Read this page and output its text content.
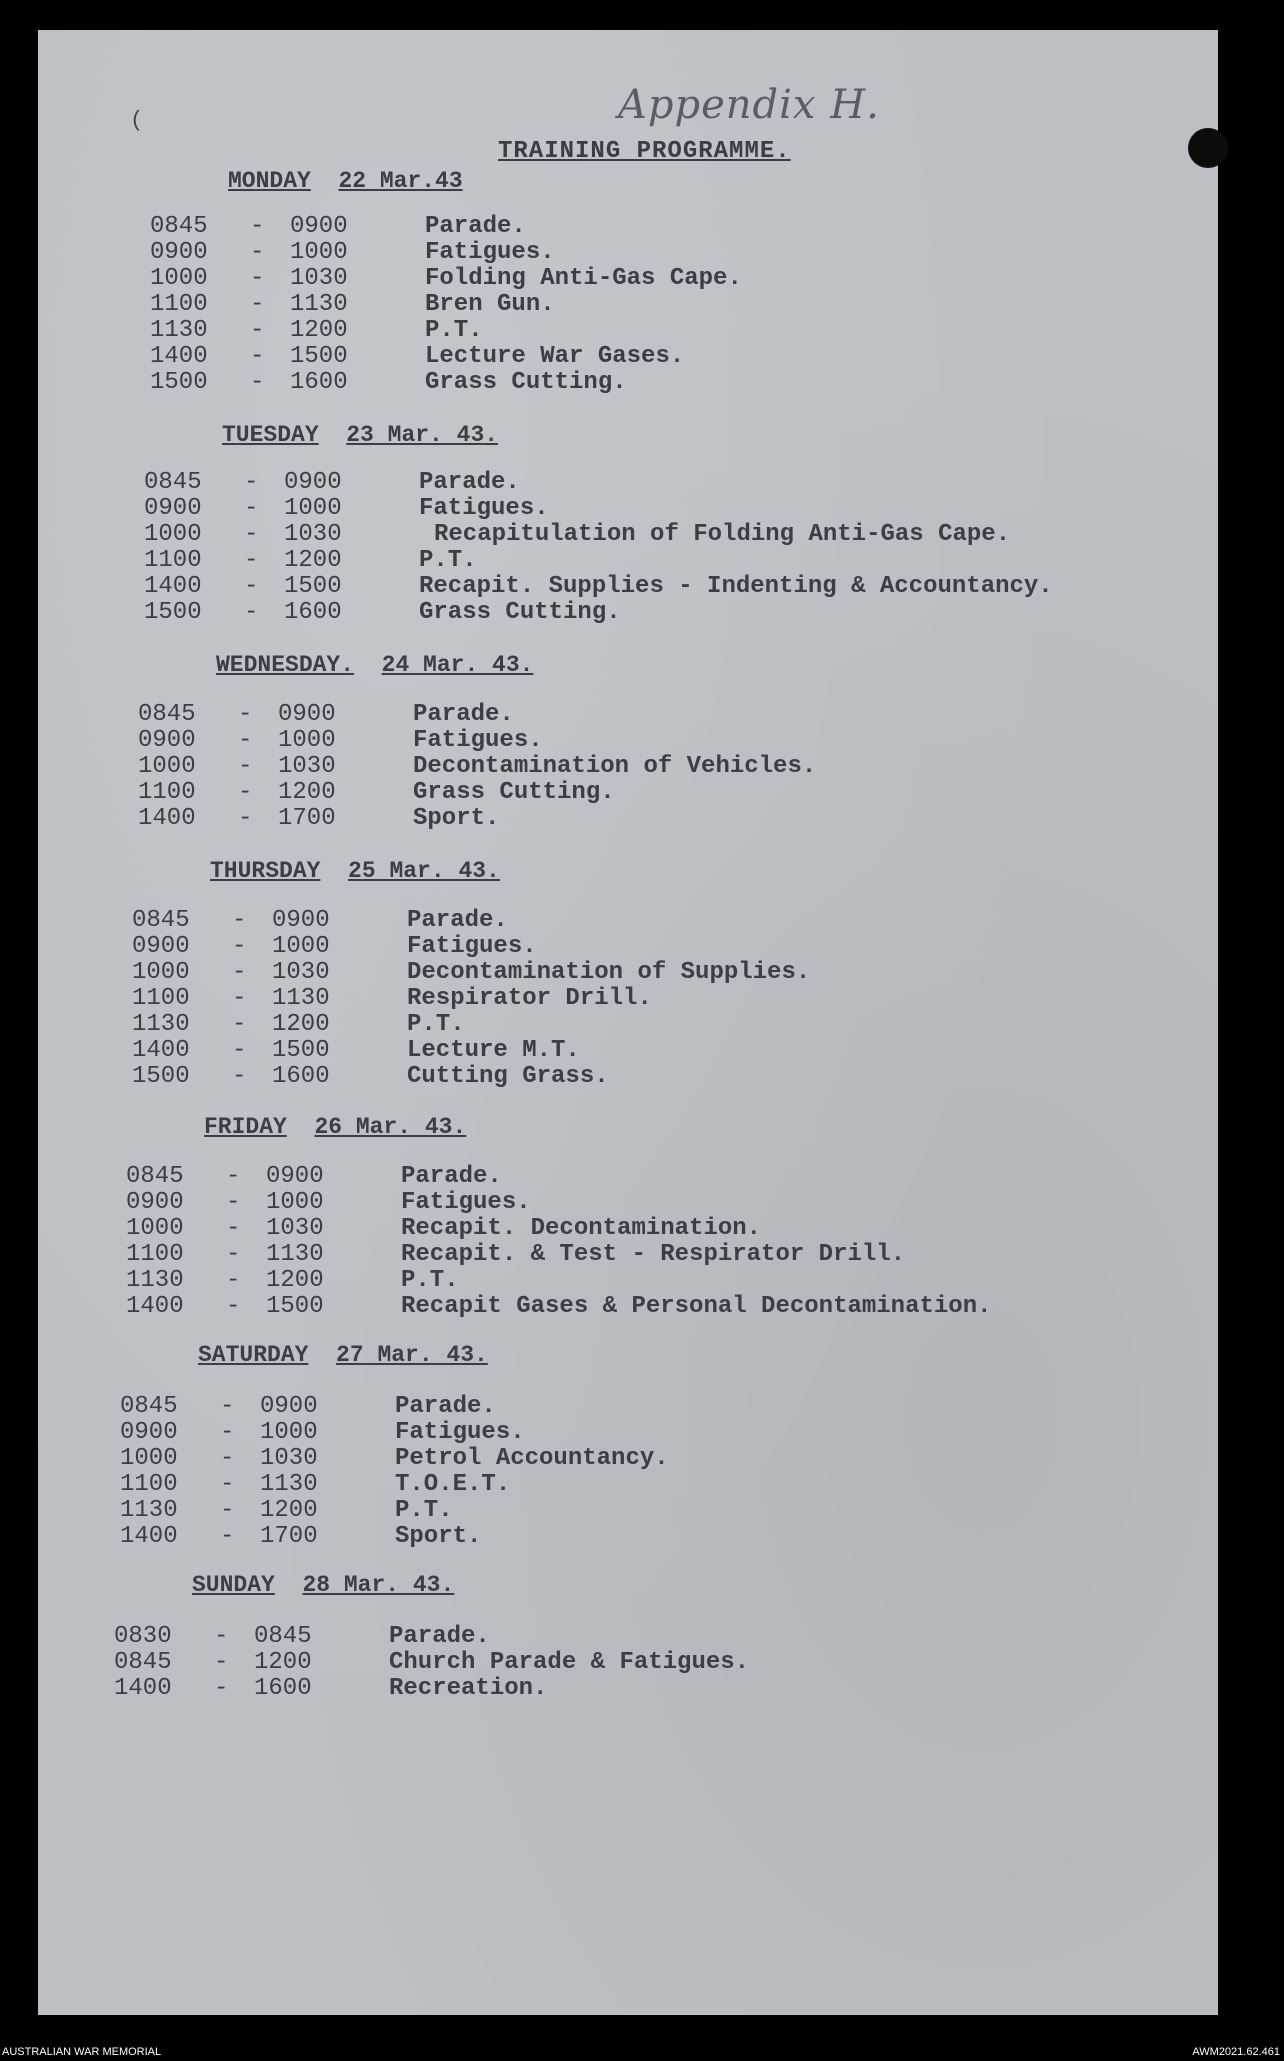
(	Appendix H.
TRAINING PROGRAMME.
MONDAY 22 Mar.43
0845 - 0900	Parade.
0900 - 1000	Fatigues.
1000 - 1030	Folding Anti-Gas Cape.
1100 - 1130	Bren Gun.
1130 - 1200	P.T.
1400 - 1500	Lecture War Gases.
1500 - 1600	Grass Cutting.
TUESDAY 23 Mar. 43.
0845 - 0900	Parade.
0900 - 1000	Fatigues.
1000 - 1030	Recapitulation of Folding Anti-Gas Cape.
1100 - 1200	P.T.
1400 - 1500	Recapit. Supplies - Indenting & Accountancy.
1500 - 1600	Grass Cutting.
WEDNESDAY. 24 Mar. 43.
0845 - 0900	Parade.
0900 - 1000	Fatigues.
1000 - 1030	Decontamination of Vehicles.
1100 - 1200	Grass Cutting.
1400 - 1700	Sport.
THURSDAY 25 Mar. 43.
0845 - 0900	Parade.
0900 - 1000	Fatigues.
1000 - 1030	Decontamination of Supplies.
1100 - 1130	Respirator Drill.
1130 - 1200	P.T.
1400 - 1500	Lecture M.T.
1500 - 1600	Cutting Grass.
FRIDAY 26 Mar. 43.
0845 - 0900	Parade.
0900 - 1000	Fatigues.
1000 - 1030	Recapit. Decontamination.
1100 - 1130	Recapit. & Test - Respirator Drill.
1130 - 1200	P.T.
1400 - 1500	Recapit Gases & Personal Decontamination.
SATURDAY 27 Mar. 43.
0845 - 0900	Parade.
0900 - 1000	Fatigues.
1000 - 1030	Petrol Accountancy.
1100 - 1130	T.O.E.T.
1130 - 1200	P.T.
1400 - 1700	Sport.
SUNDAY 28 Mar. 43.
0830 - 0845	Parade.
0845 - 1200	Church Parade & Fatigues.
1400 - 1600	Recreation.
AUSTRALIAN WAR MEMORIAL	AWM2021.62.461
